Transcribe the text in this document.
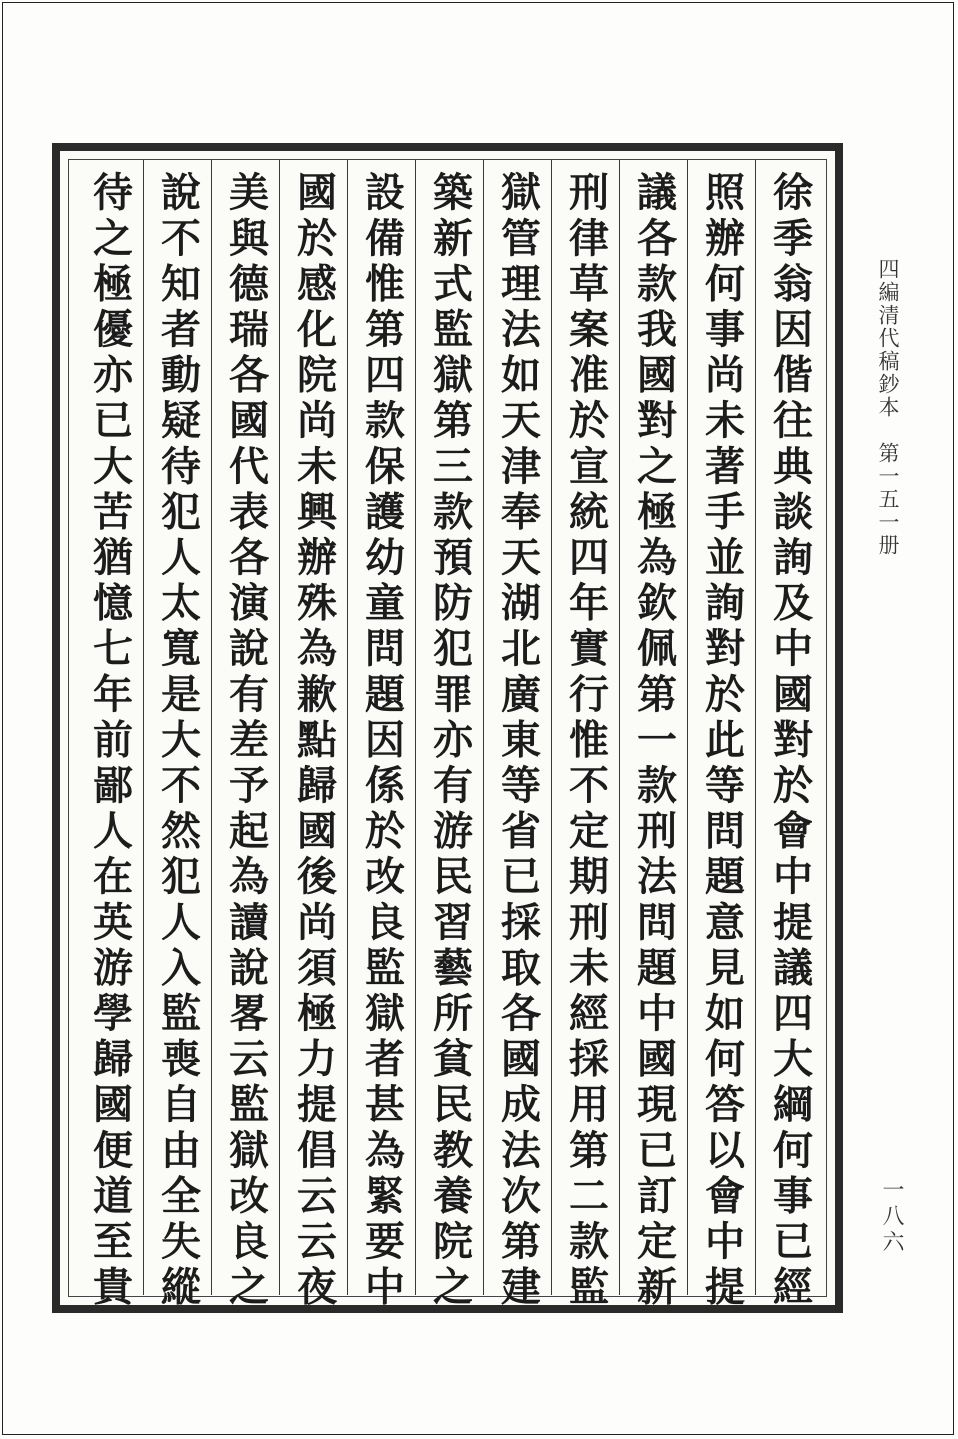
徐季翁因偕往典談詢及中國對於會中提議四大綱何事已經
照辦何事尚未著手並詢對於此等問題意見如何答以會中提
議各款我國對之極為欽佩第一款刑法問題中國現已訂定新
刑律草案准於宣統四年實行惟不定期刑未經採用第二款監
獄管理法如天津奉天湖北廣東等省已採取各國成法次第建
築新式監獄第三款預防犯罪亦有游民習藝所貧民教養院之
設備惟第四款保護幼童問題因係於改良監獄者甚為緊要中
國於感化院尚未興辦殊為歉點歸國後尚須極力提倡云云夜
美與德瑞各國代表各演說有差予起為讀說畧云監獄改良之
說不知者動疑待犯人太寬是大不然犯人入監喪自由全失縱
待之極優亦已大苦猶憶七年前鄙人在英游學歸國便道至貴	四編清代稿鈔本　第一五一册
一八六
